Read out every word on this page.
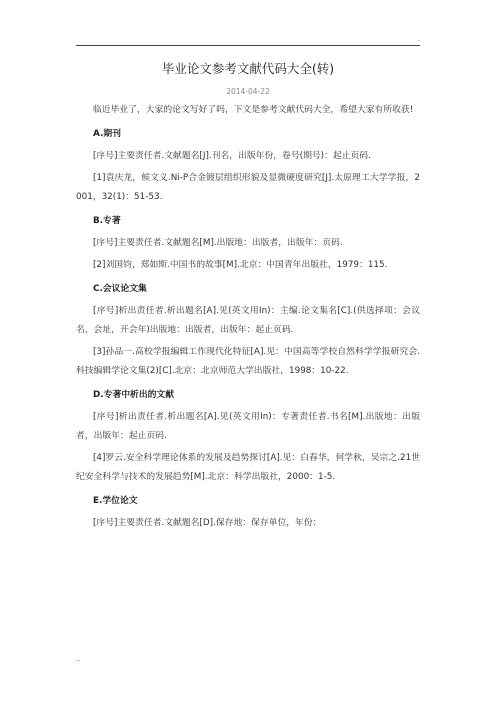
.
毕业论文参考文献代码大全(转)
2014-04-22

临近毕业了，大家的论文写好了吗，下文是参考文献代码大全，希望大家有所收获!

A.期刊

[序号]主要责任者.文献题名[J].刊名，出版年份，卷号(期号)：起止页码.

[1]袁庆龙，候文义.Ni-P合金镀层组织形貌及显微硬度研究[J].太原理工大学学报，2001，32(1)：51-53.

B.专著

[序号]主要责任者.文献题名[M].出版地：出版者，出版年：页码.

[2]刘国钧，郑如斯.中国书的故事[M].北京：中国青年出版社，1979：115.

C.会议论文集

[序号]析出责任者.析出题名[A].见(英文用In)：主编.论文集名[C].(供选择项：会议名，会址，开会年)出版地：出版者，出版年：起止页码.

[3]孙品一.高校学报编辑工作现代化特征[A].见：中国高等学校自然科学学报研究会.科技编辑学论文集(2)[C].北京：北京师范大学出版社，1998：10-22.

D.专著中析出的文献

[序号]析出责任者.析出题名[A].见(英文用In)：专著责任者.书名[M].出版地：出版者，出版年：起止页码.

[4]罗云.安全科学理论体系的发展及趋势探讨[A].见：白春华，何学秋，吴宗之.21世纪安全科学与技术的发展趋势[M].北京：科学出版社，2000：1-5.

E.学位论文

[序号]主要责任者.文献题名[D].保存地：保存单位，年份：

..
